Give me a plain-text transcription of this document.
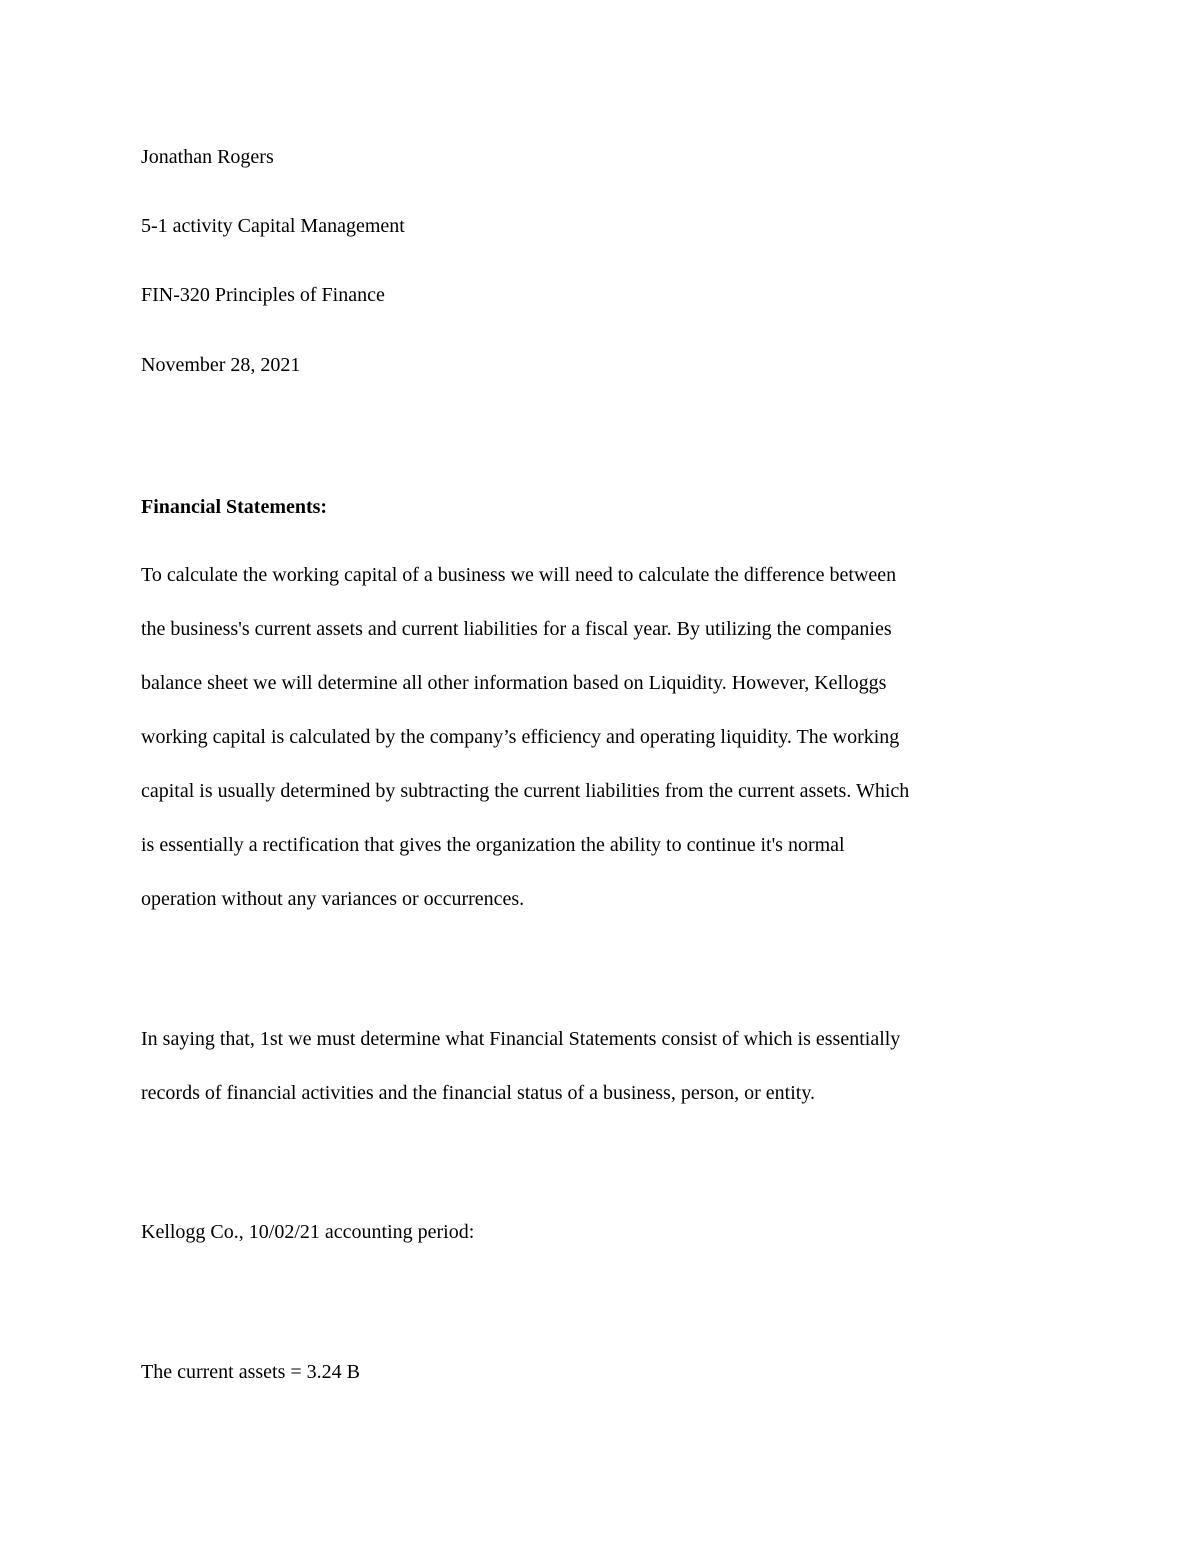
Jonathan Rogers
5-1 activity Capital Management
FIN-320 Principles of Finance
November 28, 2021
Financial Statements:
To calculate the working capital of a business we will need to calculate the difference between
the business's current assets and current liabilities for a fiscal year. By utilizing the companies
balance sheet we will determine all other information based on Liquidity. However, Kelloggs
working capital is calculated by the company’s efficiency and operating liquidity. The working
capital is usually determined by subtracting the current liabilities from the current assets. Which
is essentially a rectification that gives the organization the ability to continue it's normal
operation without any variances or occurrences.
In saying that, 1st we must determine what Financial Statements consist of which is essentially
records of financial activities and the financial status of a business, person, or entity.
Kellogg Co., 10/02/21 accounting period:
The current assets = 3.24 B
